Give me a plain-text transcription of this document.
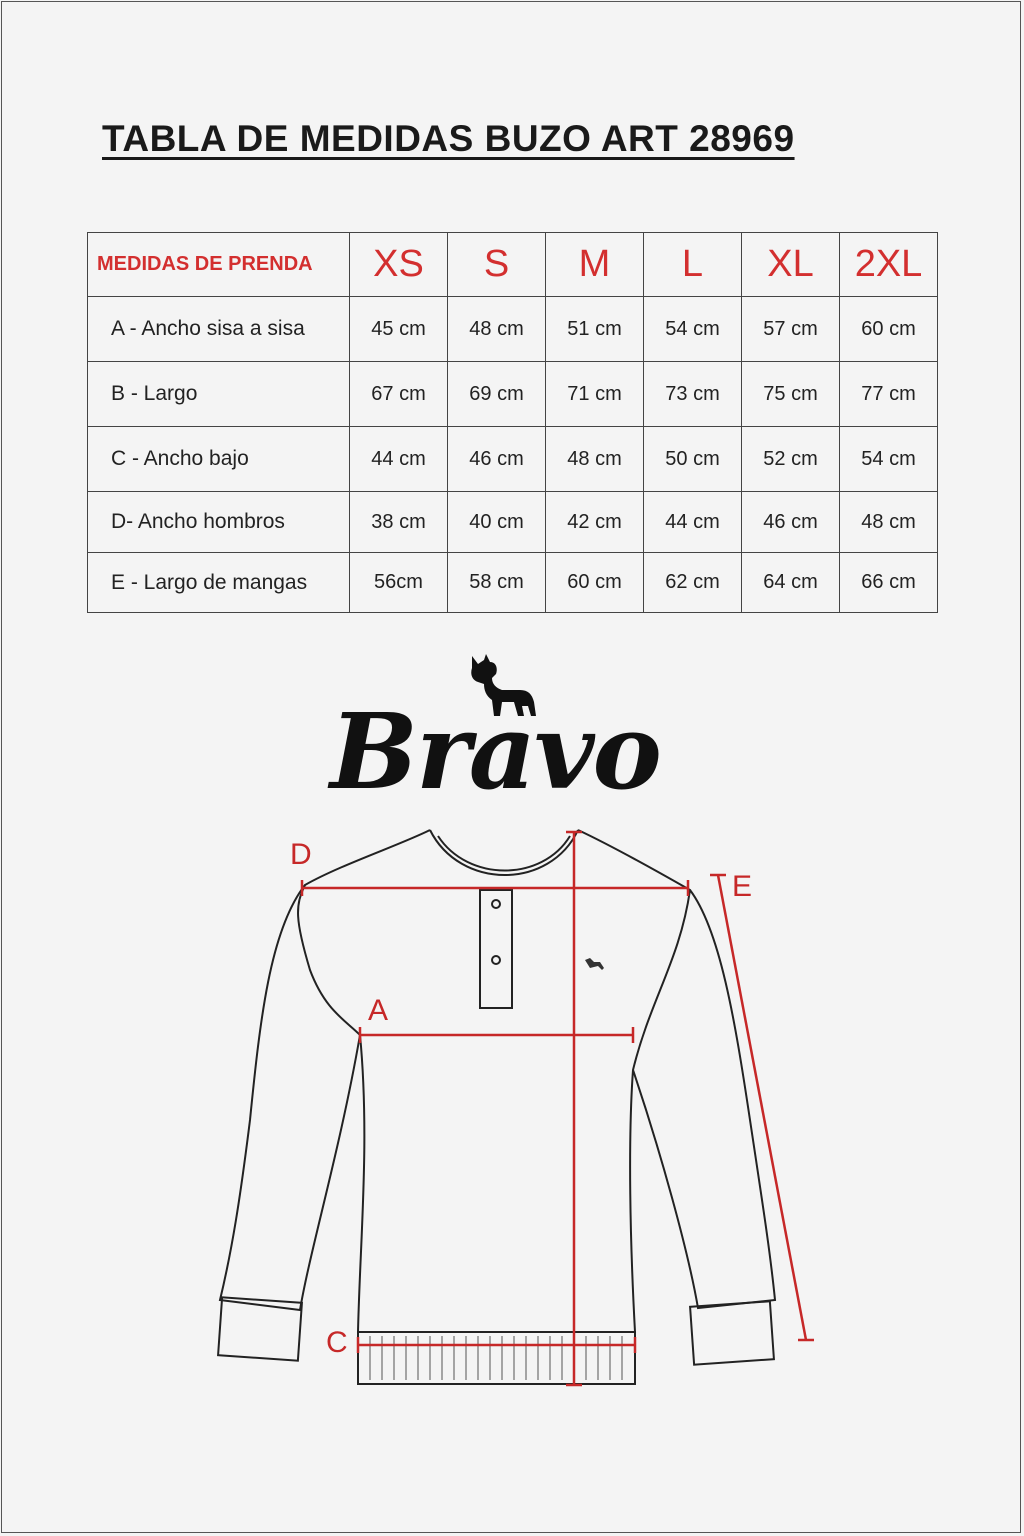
TABLA DE MEDIDAS BUZO ART 28969
MEDIDAS DE PRENDA	XS	S	M	L	XL	2XL
A - Ancho sisa a sisa	45 cm	48 cm	51 cm	54 cm	57 cm	60 cm
B - Largo	67 cm	69 cm	71 cm	73 cm	75 cm	77 cm
C - Ancho bajo	44 cm	46 cm	48 cm	50 cm	52 cm	54 cm
D- Ancho hombros	38 cm	40 cm	42 cm	44 cm	46 cm	48 cm
E - Largo de mangas	56cm	58 cm	60 cm	62 cm	64 cm	66 cm
Bravo
D
E
A
C
